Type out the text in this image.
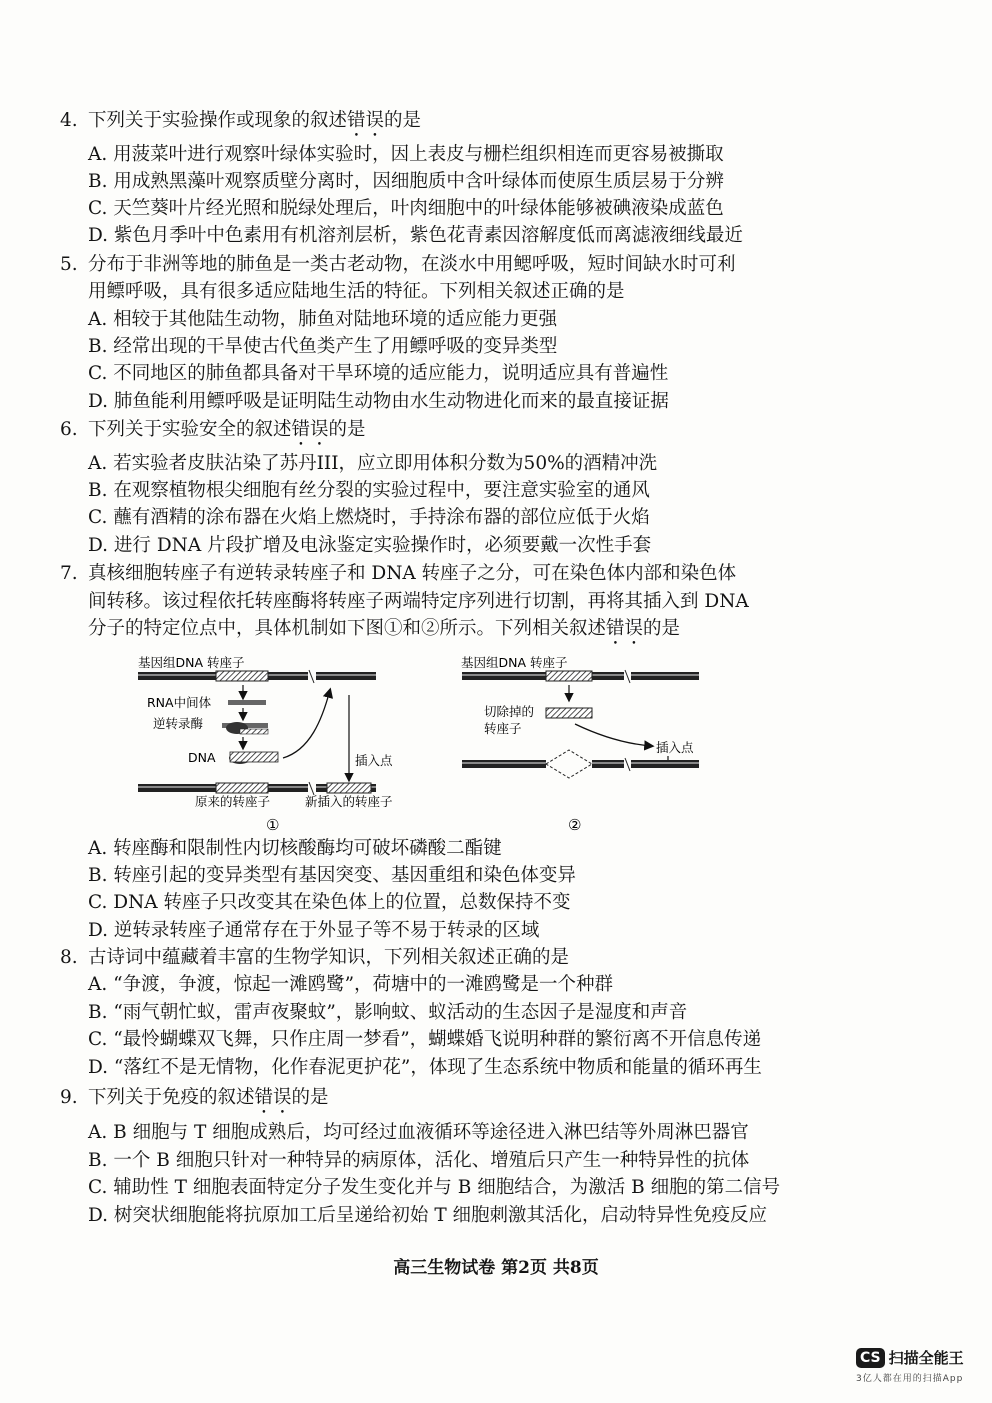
4. 下列关于实验操作或现象的叙述错误的是
A. 用菠菜叶进行观察叶绿体实验时，因上表皮与栅栏组织相连而更容易被撕取
B. 用成熟黑藻叶观察质壁分离时，因细胞质中含叶绿体而使原生质层易于分辨
C. 天竺葵叶片经光照和脱绿处理后，叶肉细胞中的叶绿体能够被碘液染成蓝色
D. 紫色月季叶中色素用有机溶剂层析，紫色花青素因溶解度低而离滤液细线最近
5. 分布于非洲等地的肺鱼是一类古老动物，在淡水中用鳃呼吸，短时间缺水时可利
用鳔呼吸，具有很多适应陆地生活的特征。下列相关叙述正确的是
A. 相较于其他陆生动物，肺鱼对陆地环境的适应能力更强
B. 经常出现的干旱使古代鱼类产生了用鳔呼吸的变异类型
C. 不同地区的肺鱼都具备对干旱环境的适应能力，说明适应具有普遍性
D. 肺鱼能利用鳔呼吸是证明陆生动物由水生动物进化而来的最直接证据
6. 下列关于实验安全的叙述错误的是
A. 若实验者皮肤沾染了苏丹III，应立即用体积分数为50%的酒精冲洗
B. 在观察植物根尖细胞有丝分裂的实验过程中，要注意实验室的通风
C. 蘸有酒精的涂布器在火焰上燃烧时，手持涂布器的部位应低于火焰
D. 进行 DNA 片段扩增及电泳鉴定实验操作时，必须要戴一次性手套
7. 真核细胞转座子有逆转录转座子和 DNA 转座子之分，可在染色体内部和染色体
间转移。该过程依托转座酶将转座子两端特定序列进行切割，再将其插入到 DNA
分子的特定位点中，具体机制如下图①和②所示。下列相关叙述错误的是
基因组DNA 转座子
RNA中间体
逆转录酶
DNA	插入点
原来的转座子	新插入的转座子
①
基因组DNA 转座子
切除掉的
转座子
插入点
②
A. 转座酶和限制性内切核酸酶均可破坏磷酸二酯键
B. 转座引起的变异类型有基因突变、基因重组和染色体变异
C. DNA 转座子只改变其在染色体上的位置，总数保持不变
D. 逆转录转座子通常存在于外显子等不易于转录的区域
8. 古诗词中蕴藏着丰富的生物学知识，下列相关叙述正确的是
A. “争渡，争渡，惊起一滩鸥鹭”，荷塘中的一滩鸥鹭是一个种群
B. “雨气朝忙蚁，雷声夜聚蚊”，影响蚊、蚁活动的生态因子是湿度和声音
C. “最怜蝴蝶双飞舞，只作庄周一梦看”，蝴蝶婚飞说明种群的繁衍离不开信息传递
D. “落红不是无情物，化作春泥更护花”，体现了生态系统中物质和能量的循环再生
9. 下列关于免疫的叙述错误的是
A. B 细胞与 T 细胞成熟后，均可经过血液循环等途径进入淋巴结等外周淋巴器官
B. 一个 B 细胞只针对一种特异的病原体，活化、增殖后只产生一种特异性的抗体
C. 辅助性 T 细胞表面特定分子发生变化并与 B 细胞结合，为激活 B 细胞的第二信号
D. 树突状细胞能将抗原加工后呈递给初始 T 细胞刺激其活化，启动特异性免疫反应
高三生物试卷 第2页 共8页
CS 扫描全能王
3亿人都在用的扫描App
